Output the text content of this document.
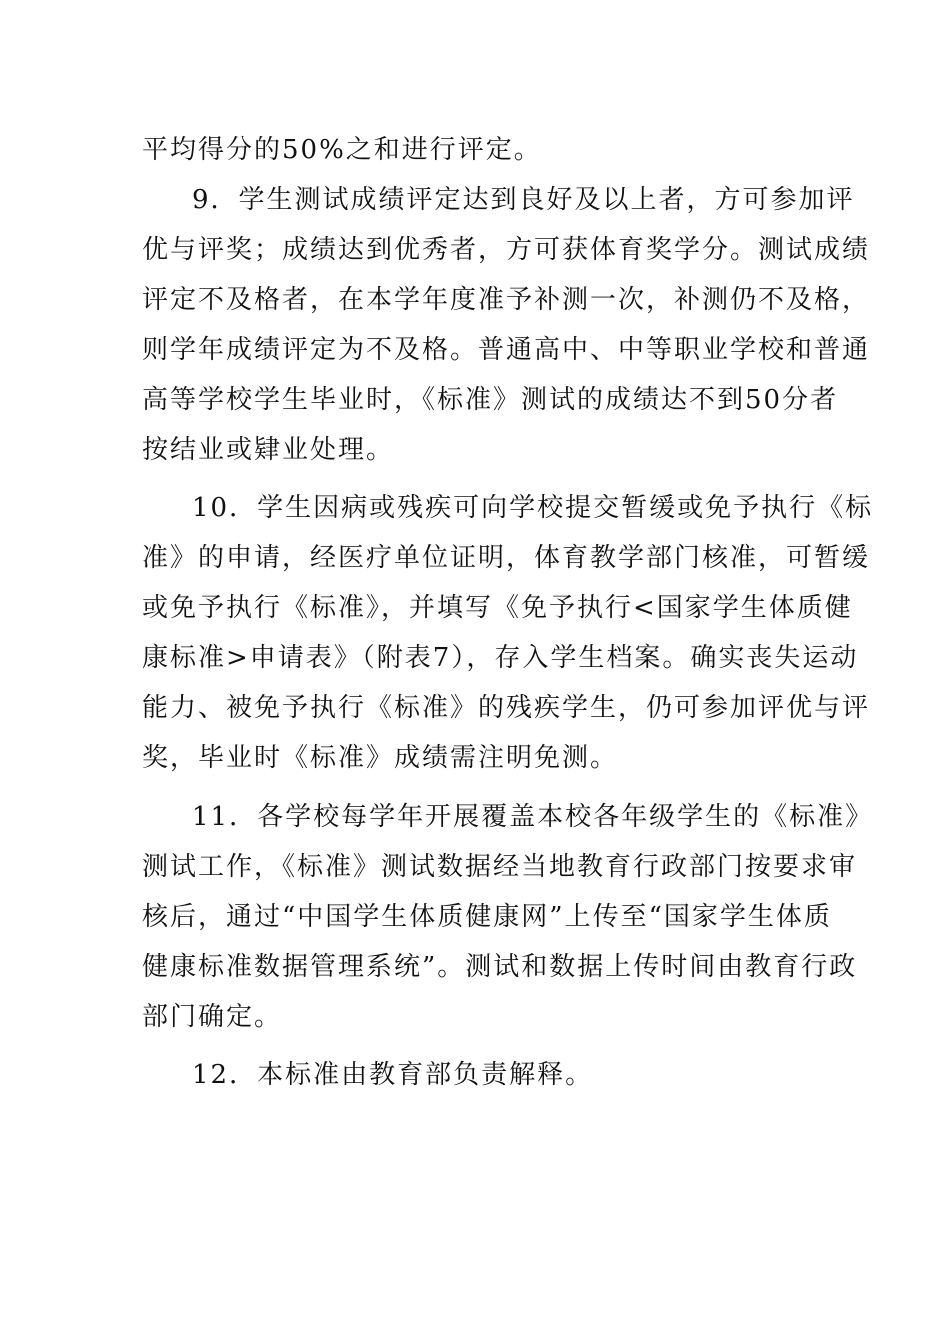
平均得分的50%之和进行评定。
9．学生测试成绩评定达到良好及以上者，方可参加评
优与评奖；成绩达到优秀者，方可获体育奖学分。测试成绩
评定不及格者，在本学年度准予补测一次，补测仍不及格，
则学年成绩评定为不及格。普通高中、中等职业学校和普通
高等学校学生毕业时，《标准》测试的成绩达不到50分者
按结业或肄业处理。
10．学生因病或残疾可向学校提交暂缓或免予执行《标
准》的申请，经医疗单位证明，体育教学部门核准，可暂缓
或免予执行《标准》，并填写《免予执行<国家学生体质健
康标准>申请表》（附表7），存入学生档案。确实丧失运动
能力、被免予执行《标准》的残疾学生，仍可参加评优与评
奖，毕业时《标准》成绩需注明免测。
11．各学校每学年开展覆盖本校各年级学生的《标准》
测试工作，《标准》测试数据经当地教育行政部门按要求审
核后，通过“中国学生体质健康网”上传至“国家学生体质
健康标准数据管理系统”。测试和数据上传时间由教育行政
部门确定。
12．本标准由教育部负责解释。
